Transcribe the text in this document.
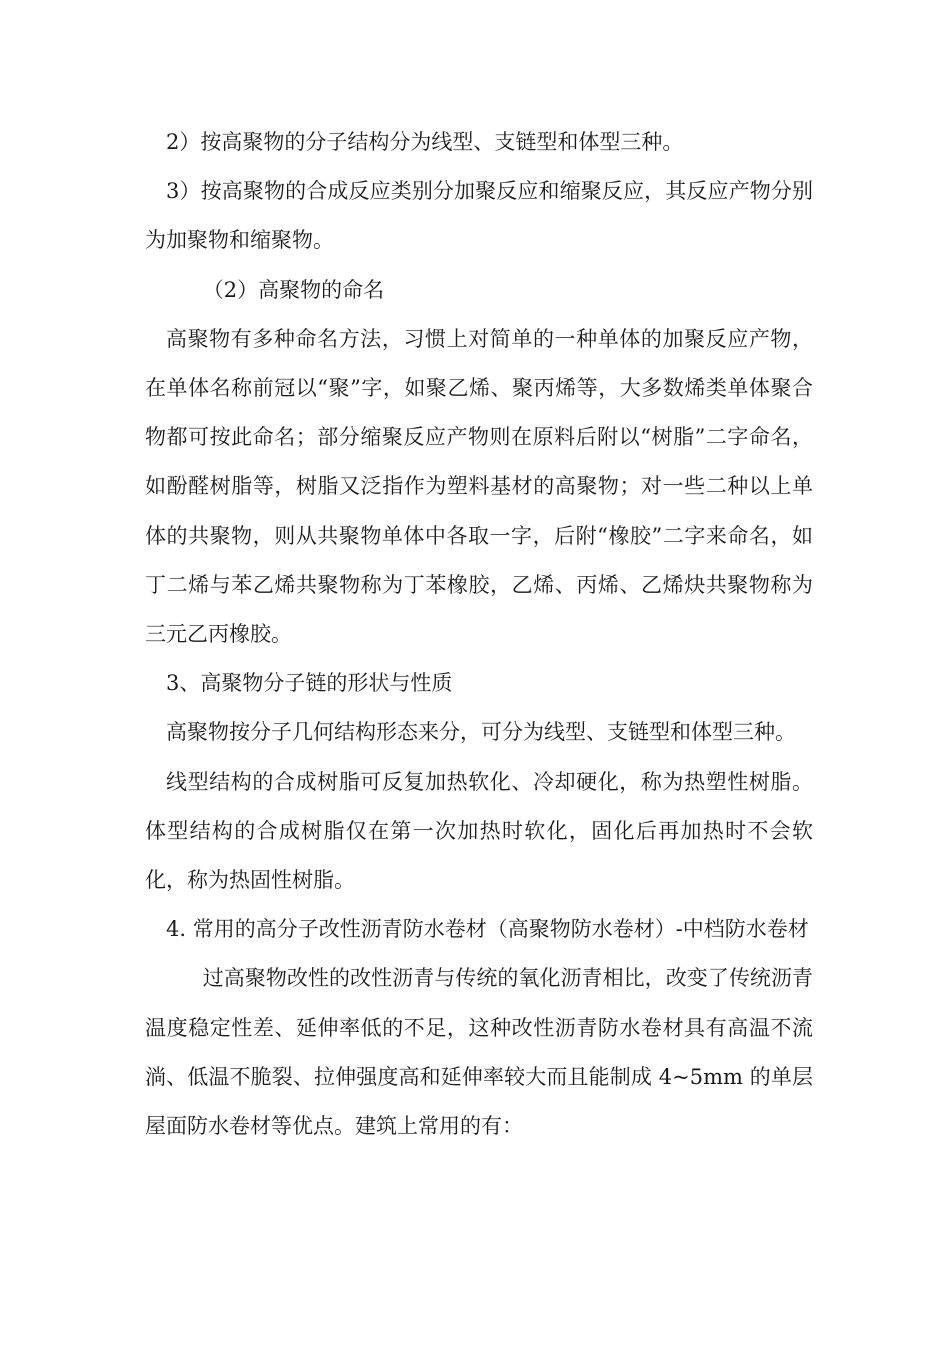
2）按高聚物的分子结构分为线型、支链型和体型三种。

3）按高聚物的合成反应类别分加聚反应和缩聚反应，其反应产物分别为加聚物和缩聚物。

（2）高聚物的命名

高聚物有多种命名方法，习惯上对简单的一种单体的加聚反应产物，在单体名称前冠以“聚”字，如聚乙烯、聚丙烯等，大多数烯类单体聚合物都可按此命名；部分缩聚反应产物则在原料后附以“树脂”二字命名，如酚醛树脂等，树脂又泛指作为塑料基材的高聚物；对一些二种以上单体的共聚物，则从共聚物单体中各取一字，后附“橡胶”二字来命名，如丁二烯与苯乙烯共聚物称为丁苯橡胶，乙烯、丙烯、乙烯炔共聚物称为三元乙丙橡胶。

3、高聚物分子链的形状与性质

高聚物按分子几何结构形态来分，可分为线型、支链型和体型三种。

线型结构的合成树脂可反复加热软化、冷却硬化，称为热塑性树脂。体型结构的合成树脂仅在第一次加热时软化，固化后再加热时不会软化，称为热固性树脂。

4. 常用的高分子改性沥青防水卷材（高聚物防水卷材）-中档防水卷材

过高聚物改性的改性沥青与传统的氧化沥青相比，改变了传统沥青温度稳定性差、延伸率低的不足，这种改性沥青防水卷材具有高温不流淌、低温不脆裂、拉伸强度高和延伸率较大而且能制成 4~5mm 的单层屋面防水卷材等优点。建筑上常用的有：
